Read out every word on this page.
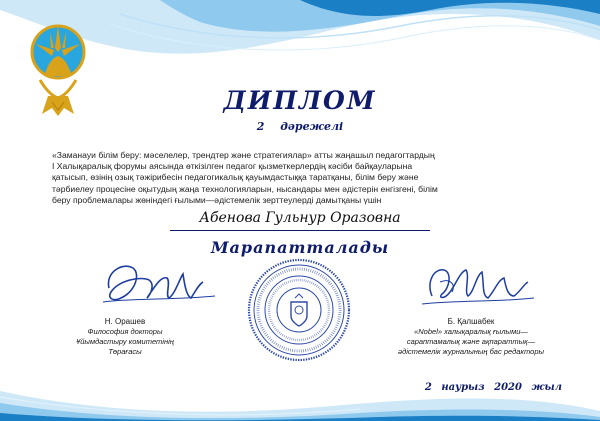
ДИПЛОМ
2 дәрежелі
«Заманауи білім беру: мәселелер, трендтер және стратегиялар» атты жаңашыл педагогтардың
I Халықаралық форумы аясында өткізілген педагог қызметкерлердің кәсіби байқауларына
қатысып, өзінің озық тәжірибесін педагогикалық қауымдастыққа таратқаны, білім беру және
тәрбиелеу процесіне оқытудың жаңа технологияларын, нысандары мен әдістерін енгізгені, білім
беру проблемалары жөніндегі ғылыми—әдістемелік зерттеулерді дамытқаны үшін
Абенова Гульнур Оразовна
Марапатталады
Н. Орашев
Философия докторы
Ұйымдастыру комитетінің
Төрағасы
Б. Қалшабек
«Nobel» халықаралық ғылыми—
сараптамалық және ақпараттық—
әдістемелік журналының бас редакторы
2 наурыз 2020 жыл
